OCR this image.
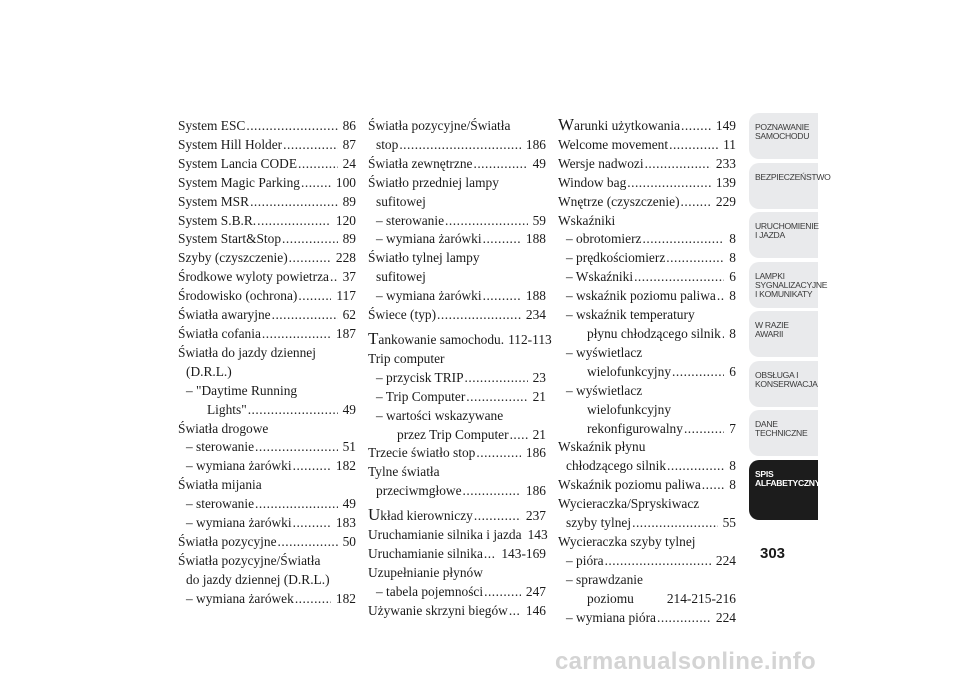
System ESC .....	86
System Hill Holder .....	87
System Lancia CODE .....	24
System Magic Parking .....	100
System MSR .....	89
System S.B.R. .....	120
System Start&Stop .....	89
Szyby (czyszczenie) .....	228
Środkowe wyloty powietrza ..... 37
Środowisko (ochrona) .....	117
Światła awaryjne .....	62
Światła cofania .....	187
Światła do jazdy dziennej
(D.R.L.)
– "Daytime Running
Lights" .....	49
Światła drogowe
– sterowanie .....	51
– wymiana żarówki .....	182
Światła mijania
– sterowanie .....	49
– wymiana żarówki .....	183
Światła pozycyjne .....	50
Światła pozycyjne/Światła
do jazdy dziennej (D.R.L.)
– wymiana żarówek .....	182
Światła pozycyjne/Światła
stop .....	186
Światła zewnętrzne .....	49
Światło przedniej lampy
sufitowej
– sterowanie .....	59
– wymiana żarówki .....	188
Światło tylnej lampy
sufitowej
– wymiana żarówki .....	188
Świece (typ) .....	234
T ankowanie samochodu. 112-113
Trip computer
– przycisk TRIP .....	23
– Trip Computer .....	21
– wartości wskazywane
przez Trip Computer ..... 21
Trzecie światło stop .....	186
Tylne światła
przeciwmgłowe .....	186
U kład kierowniczy .....	237
Uruchamianie silnika i jazda 143
Uruchamianie silnika ..... 143-169
Uzupełnianie płynów
– tabela pojemności .....	247
Używanie skrzyni biegów ..... 146
W arunki użytkowania .....	149
Welcome movement .....	11
Wersje nadwozi .....	233
Window bag .....	139
Wnętrze (czyszczenie) .....	229
Wskaźniki
– obrotomierz .....	8
– prędkościomierz .....	8
– Wskaźniki .....	6
– wskaźnik poziomu paliwa ..... 8
– wskaźnik temperatury
płynu chłodzącego silnik ..... 8
– wyświetlacz
wielofunkcyjny .....	6
– wyświetlacz
wielofunkcyjny
rekonfigurowalny .....	7
Wskaźnik płynu
chłodzącego silnik .....	8
Wskaźnik poziomu paliwa ..... 8
Wycieraczka/Spryskiwacz
szyby tylnej .....	55
Wycieraczka szyby tylnej
– pióra .....	224
– sprawdzanie
poziomu 214-215-216
– wymiana pióra .....	224
POZNAWANIE SAMOCHODU
BEZPIECZEŃSTWO
URUCHOMIENIE I JAZDA
LAMPKI SYGNALIZACYJNE I KOMUNIKATY
W RAZIE AWARII
OBSŁUGA I KONSERWACJA
DANE TECHNICZNE
SPIS ALFABETYCZNY
303
carmanualsonline.info
